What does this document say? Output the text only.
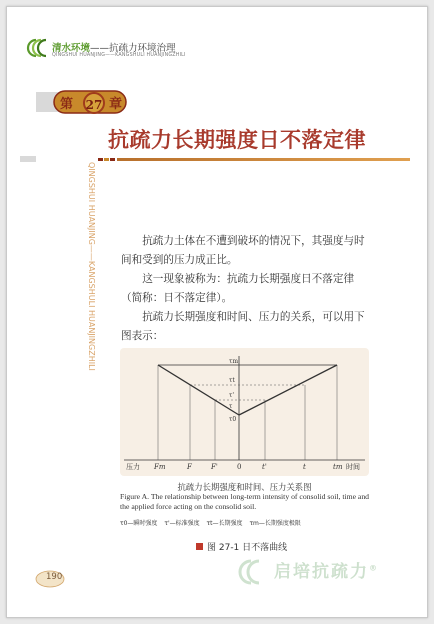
清水环境——抗疏力环境治理
QINGSHUI HUANJING——KANGSHULI HUANJINGZHILI
第 27 章
抗疏力长期强度日不落定律
QINGSHUI HUANJING——KANGSHULI HUANJINGZHILI	抗疏力土体在不遭到破坏的情况下，其强度与时间和受到的压力成正比。
这一现象被称为：抗疏力长期强度日不落定律（简称：日不落定律）。
抗疏力长期强度和时间、压力的关系，可以用下图表示：
τm
τt
τ'
τ
τ0
压力 Fm	F	F'	0	t'	t	tm 时间
抗疏力长期强度和时间、压力关系图
Figure A. The relationship between long-term intensity of consolid soil, time and the applied force acting on the consolid soil.
τ0—瞬时强度 τ'—标准强度 τt—长期强度 τm—长期强度极限
图 27-1 日不落曲线
190	启培抗疏力®
